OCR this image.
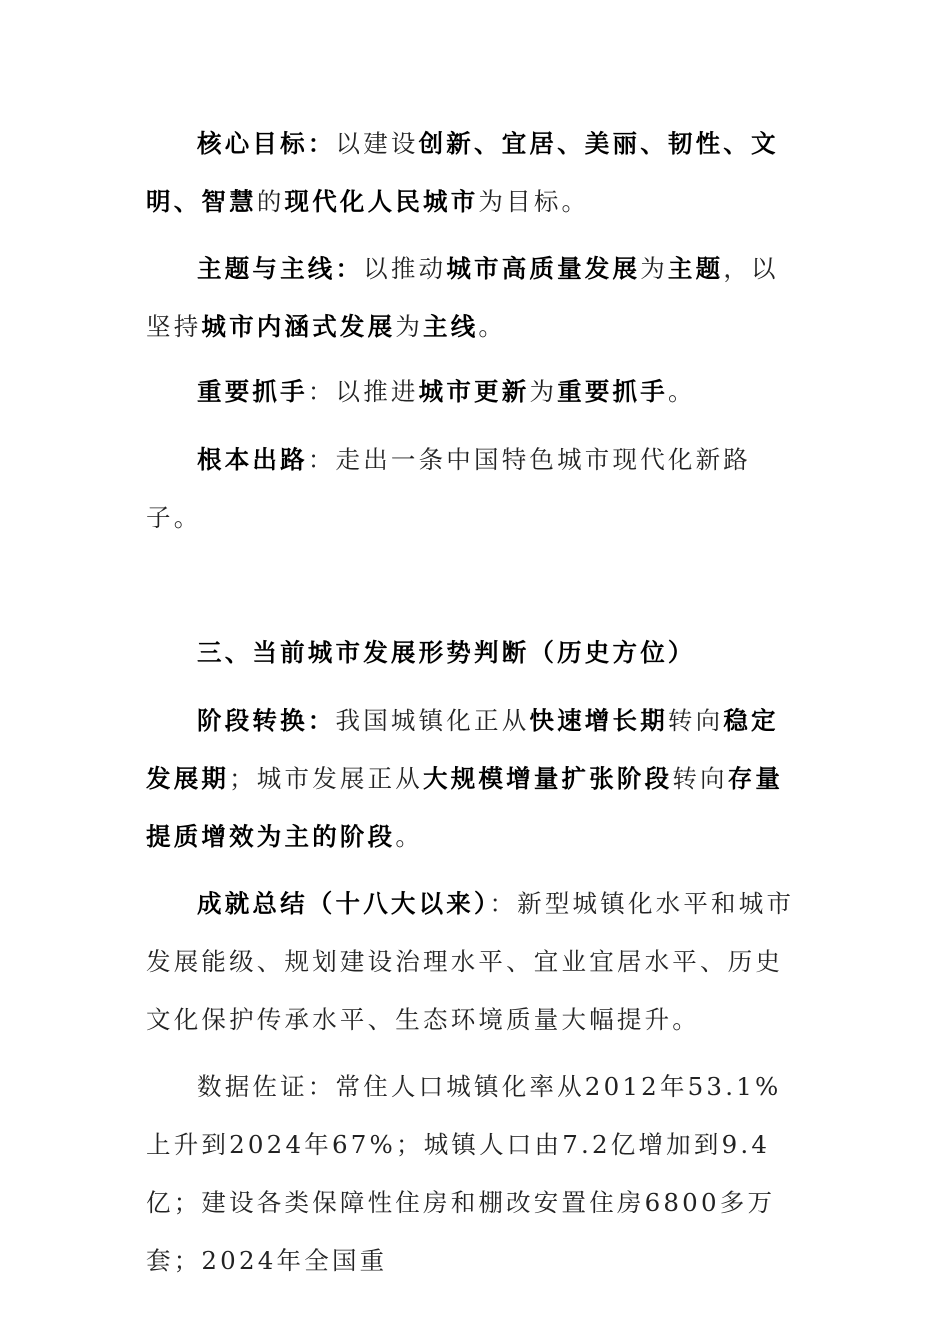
核心目标：以建设创新、宜居、美丽、韧性、文明、智慧的现代化人民城市为目标。

主题与主线：以推动城市高质量发展为主题，以坚持城市内涵式发展为主线。

重要抓手：以推进城市更新为重要抓手。

根本出路：走出一条中国特色城市现代化新路子。

三、当前城市发展形势判断（历史方位）

阶段转换：我国城镇化正从快速增长期转向稳定发展期；城市发展正从大规模增量扩张阶段转向存量提质增效为主的阶段。

成就总结（十八大以来）：新型城镇化水平和城市发展能级、规划建设治理水平、宜业宜居水平、历史文化保护传承水平、生态环境质量大幅提升。

数据佐证：常住人口城镇化率从2012年53.1%上升到2024年67%；城镇人口由7.2亿增加到9.4亿；建设各类保障性住房和棚改安置住房6800多万套；2024年全国重
